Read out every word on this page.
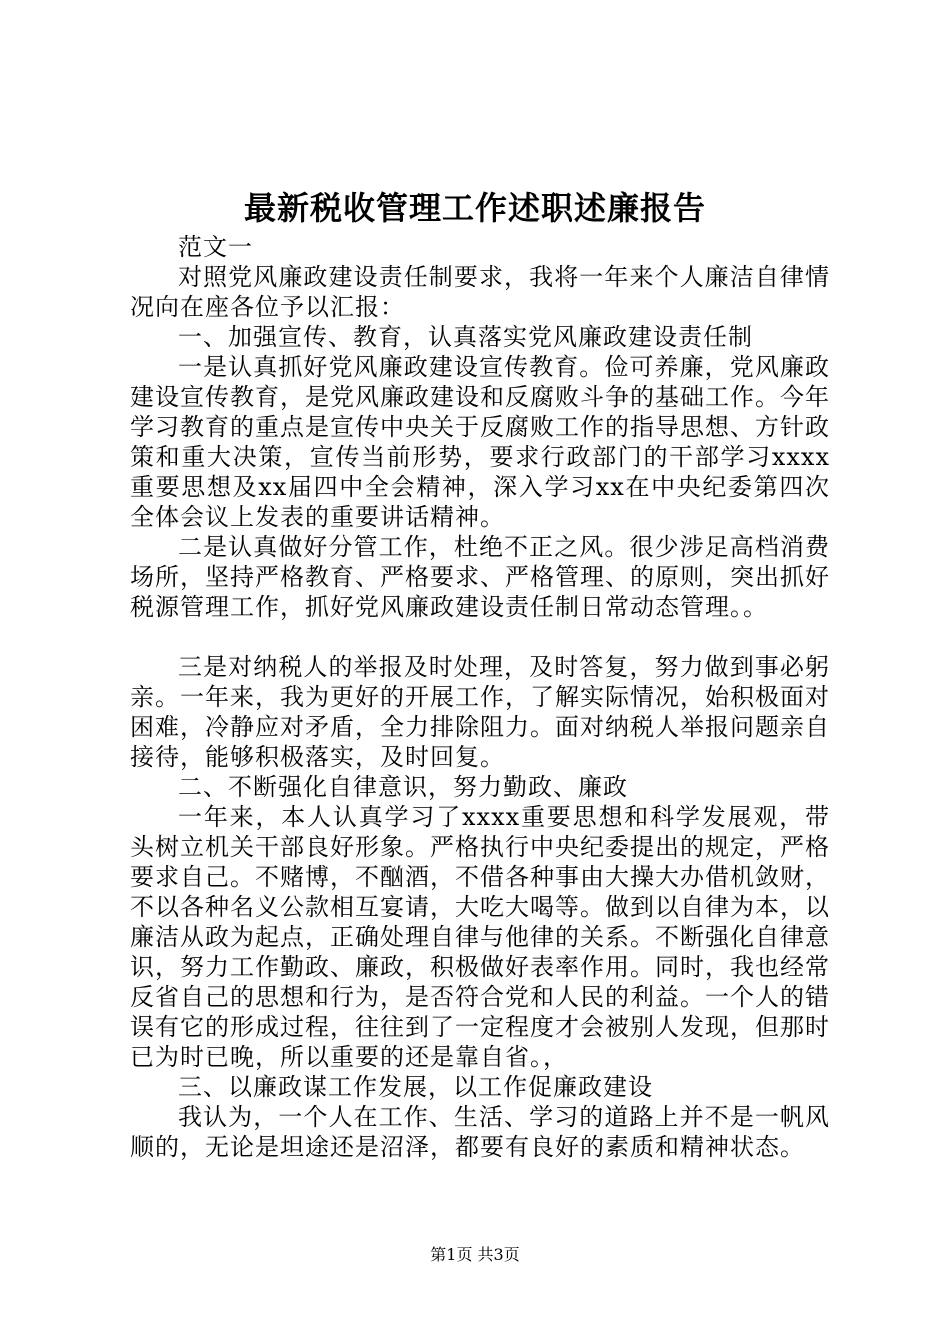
最新税收管理工作述职述廉报告

范文一

对照党风廉政建设责任制要求，我将一年来个人廉洁自律情况向在座各位予以汇报：

一、加强宣传、教育，认真落实党风廉政建设责任制

一是认真抓好党风廉政建设宣传教育。俭可养廉，党风廉政建设宣传教育，是党风廉政建设和反腐败斗争的基础工作。今年学习教育的重点是宣传中央关于反腐败工作的指导思想、方针政策和重大决策，宣传当前形势，要求行政部门的干部学习xxxx重要思想及xx届四中全会精神，深入学习xx在中央纪委第四次全体会议上发表的重要讲话精神。

二是认真做好分管工作，杜绝不正之风。很少涉足高档消费场所，坚持严格教育、严格要求、严格管理、的原则，突出抓好税源管理工作，抓好党风廉政建设责任制日常动态管理。。

三是对纳税人的举报及时处理，及时答复，努力做到事必躬亲。一年来，我为更好的开展工作，了解实际情况，始积极面对困难，冷静应对矛盾，全力排除阻力。面对纳税人举报问题亲自接待，能够积极落实，及时回复。

二、不断强化自律意识，努力勤政、廉政

一年来，本人认真学习了xxxx重要思想和科学发展观，带头树立机关干部良好形象。严格执行中央纪委提出的规定，严格要求自己。不赌博，不酗酒，不借各种事由大操大办借机敛财，不以各种名义公款相互宴请，大吃大喝等。做到以自律为本，以廉洁从政为起点，正确处理自律与他律的关系。不断强化自律意识，努力工作勤政、廉政，积极做好表率作用。同时，我也经常反省自己的思想和行为，是否符合党和人民的利益。一个人的错误有它的形成过程，往往到了一定程度才会被别人发现，但那时已为时已晚，所以重要的还是靠自省。，

三、以廉政谋工作发展，以工作促廉政建设

我认为，一个人在工作、生活、学习的道路上并不是一帆风顺的，无论是坦途还是沼泽，都要有良好的素质和精神状态。

第1页 共3页
